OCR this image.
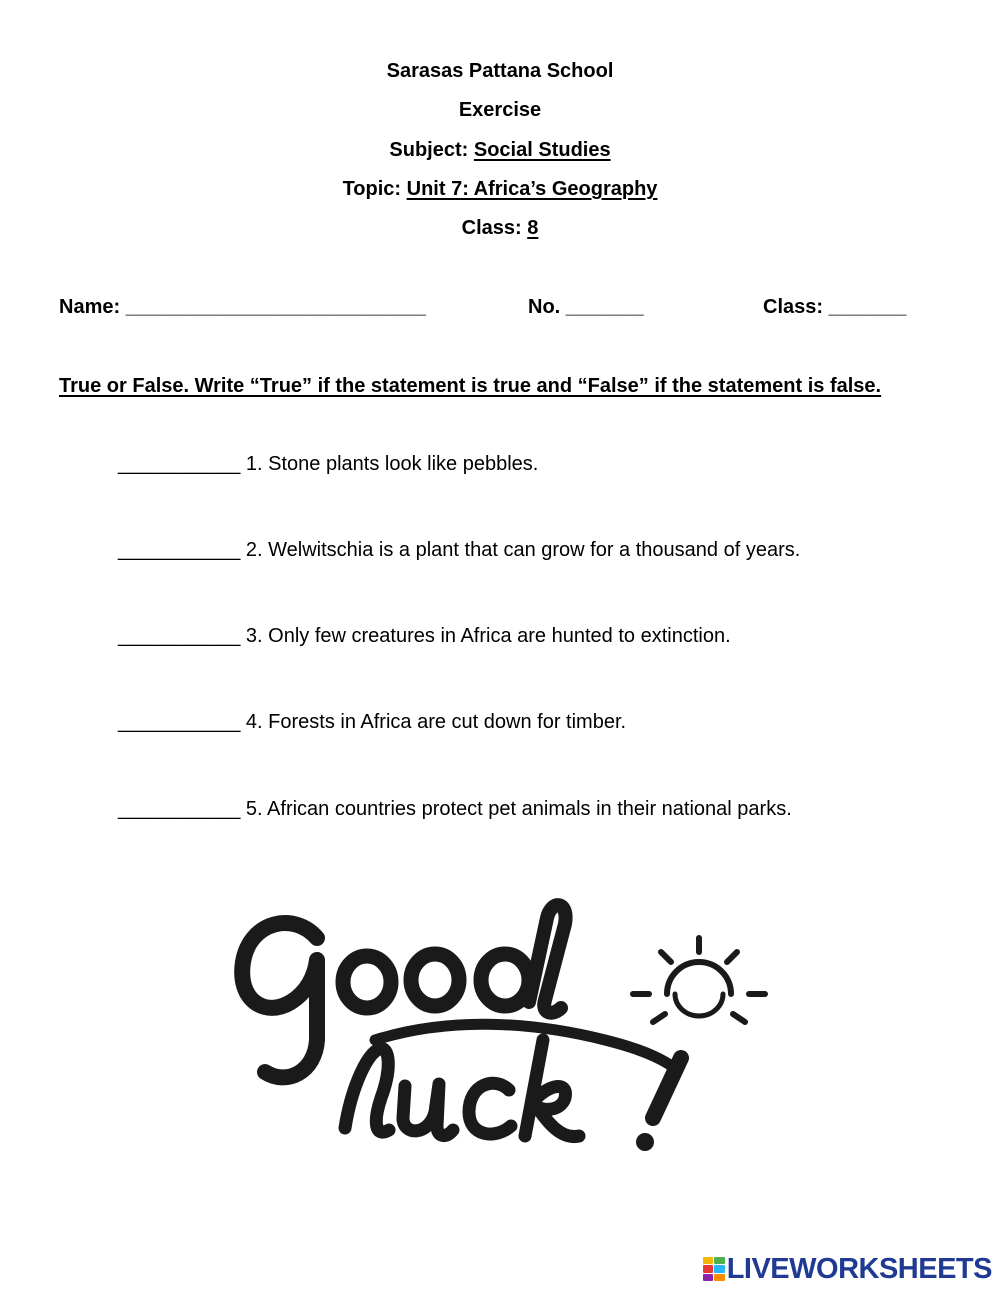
Sarasas Pattana School
Exercise
Subject: Social Studies
Topic: Unit 7: Africa’s Geography
Class: 8
Name: ___________________________	No. _______	Class: _______
True or False. Write “True” if the statement is true and “False” if the statement is false.
___________ 1. Stone plants look like pebbles.
___________ 2. Welwitschia is a plant that can grow for a thousand of years.
___________ 3. Only few creatures in Africa are hunted to extinction.
___________ 4. Forests in Africa are cut down for timber.
___________ 5. African countries protect pet animals in their national parks.
LIVEWORKSHEETS
